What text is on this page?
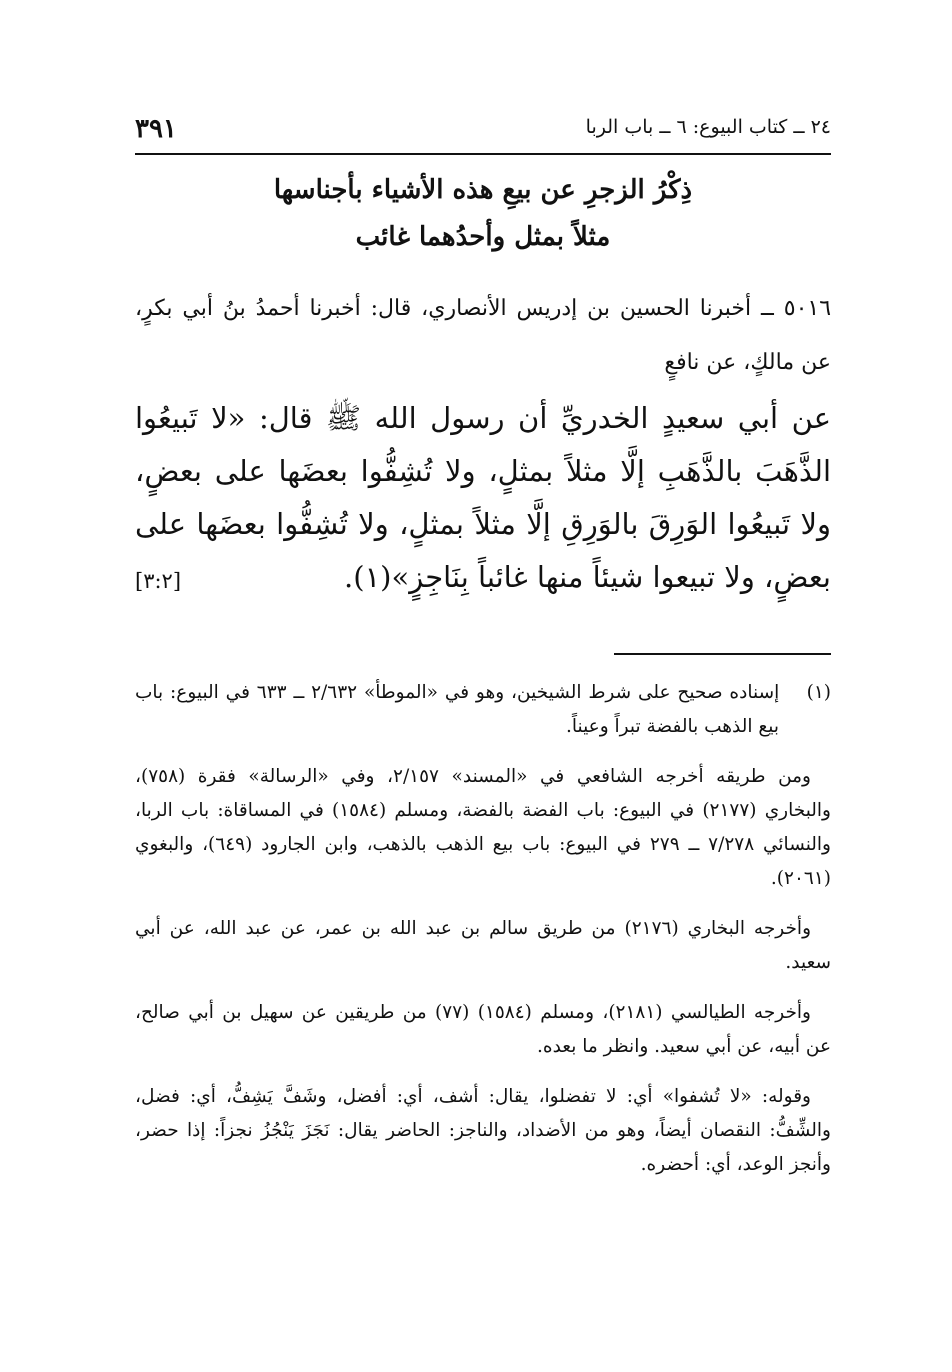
٣٩١	٢٤ ــ كتاب البيوع: ٦ ــ باب الربا
ذِكْرُ الزجرِ عن بيعِ هذه الأشياء بأجناسها
مثلاً بمثل وأحدُهما غائب
٥٠١٦ ــ أخبرنا الحسين بن إدريس الأنصاري، قال: أخبرنا أحمدُ بنُ أبي بكرٍ، عن مالكٍ، عن نافعٍ

عن أبي سعيدٍ الخدريِّ أن رسول الله ﷺ قال: «لا تَبيعُوا الذَّهَبَ بالذَّهَبِ إلَّا مثلاً بمثلٍ، ولا تُشِفُّوا بعضَها على بعضٍ، ولا تَبيعُوا الوَرِقَ بالوَرِقِ إلَّا مثلاً بمثلٍ، ولا تُشِفُّوا بعضَها على بعضٍ، ولا تبيعوا شيئاً منها غائباً بِنَاجِزٍ»(١).
[٣:٢]

(١)    إسناده صحيح على شرط الشيخين، وهو في «الموطأ» ٢/٦٣٢ ــ ٦٣٣ في البيوع: باب بيع الذهب بالفضة تبراً وعيناً.

ومن طريقه أخرجه الشافعي في «المسند» ٢/١٥٧، وفي «الرسالة» فقرة (٧٥٨)، والبخاري (٢١٧٧) في البيوع: باب الفضة بالفضة، ومسلم (١٥٨٤) في المساقاة: باب الربا، والنسائي ٧/٢٧٨ ــ ٢٧٩ في البيوع: باب بيع الذهب بالذهب، وابن الجارود (٦٤٩)، والبغوي (٢٠٦١).

وأخرجه البخاري (٢١٧٦) من طريق سالم بن عبد الله بن عمر، عن عبد الله، عن أبي سعيد.

وأخرجه الطيالسي (٢١٨١)، ومسلم (١٥٨٤) (٧٧) من طريقين عن سهيل بن أبي صالح، عن أبيه، عن أبي سعيد. وانظر ما بعده.

وقوله: «لا تُشفوا» أي: لا تفضلوا، يقال: أشف، أي: أفضل، وشَفَّ يَشِفُّ، أي: فضل، والشِّفُّ: النقصان أيضاً، وهو من الأضداد، والناجز: الحاضر يقال: نَجَزَ يَنْجُزُ نجزاً: إذا حضر، وأنجز الوعد، أي: أحضره.
